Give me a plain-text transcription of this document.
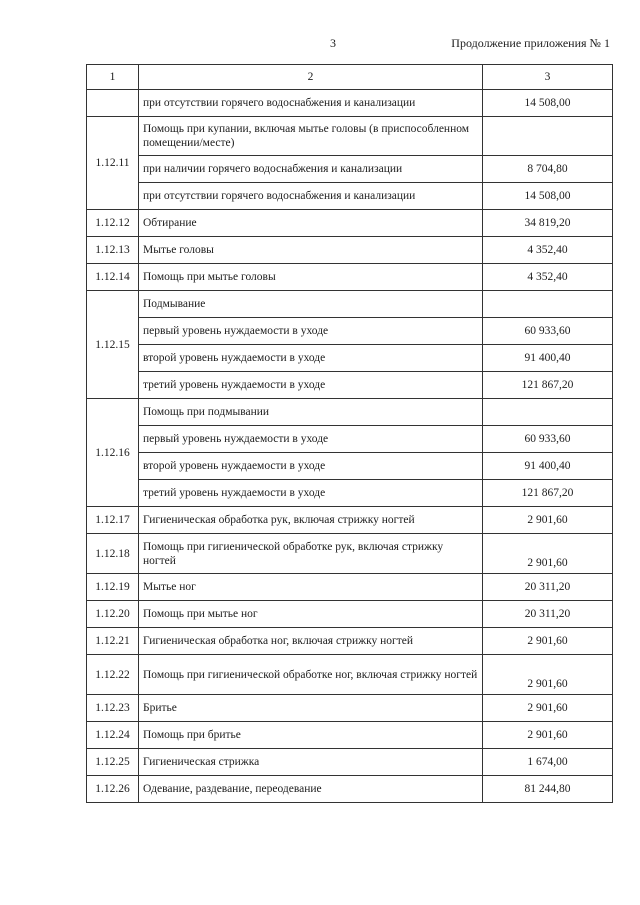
3	Продолжение приложения № 1
1	2	3
	при отсутствии горячего водоснабжения и канализации	14 508,00
1.12.11	Помощь при купании, включая мытье головы (в приспособленном помещении/месте)	
	при наличии горячего водоснабжения и канализации	8 704,80
	при отсутствии горячего водоснабжения и канализации	14 508,00
1.12.12	Обтирание	34 819,20
1.12.13	Мытье головы	4 352,40
1.12.14	Помощь при мытье головы	4 352,40
1.12.15	Подмывание	
	первый уровень нуждаемости в уходе	60 933,60
	второй уровень нуждаемости в уходе	91 400,40
	третий уровень нуждаемости в уходе	121 867,20
1.12.16	Помощь при подмывании	
	первый уровень нуждаемости в уходе	60 933,60
	второй уровень нуждаемости в уходе	91 400,40
	третий уровень нуждаемости в уходе	121 867,20
1.12.17	Гигиеническая обработка рук, включая стрижку ногтей	2 901,60
1.12.18	Помощь при гигиенической обработке рук, включая стрижку ногтей	2 901,60
1.12.19	Мытье ног	20 311,20
1.12.20	Помощь при мытье ног	20 311,20
1.12.21	Гигиеническая обработка ног, включая стрижку ногтей	2 901,60
1.12.22	Помощь при гигиенической обработке ног, включая стрижку ногтей	2 901,60
1.12.23	Бритье	2 901,60
1.12.24	Помощь при бритье	2 901,60
1.12.25	Гигиеническая стрижка	1 674,00
1.12.26	Одевание, раздевание, переодевание	81 244,80
